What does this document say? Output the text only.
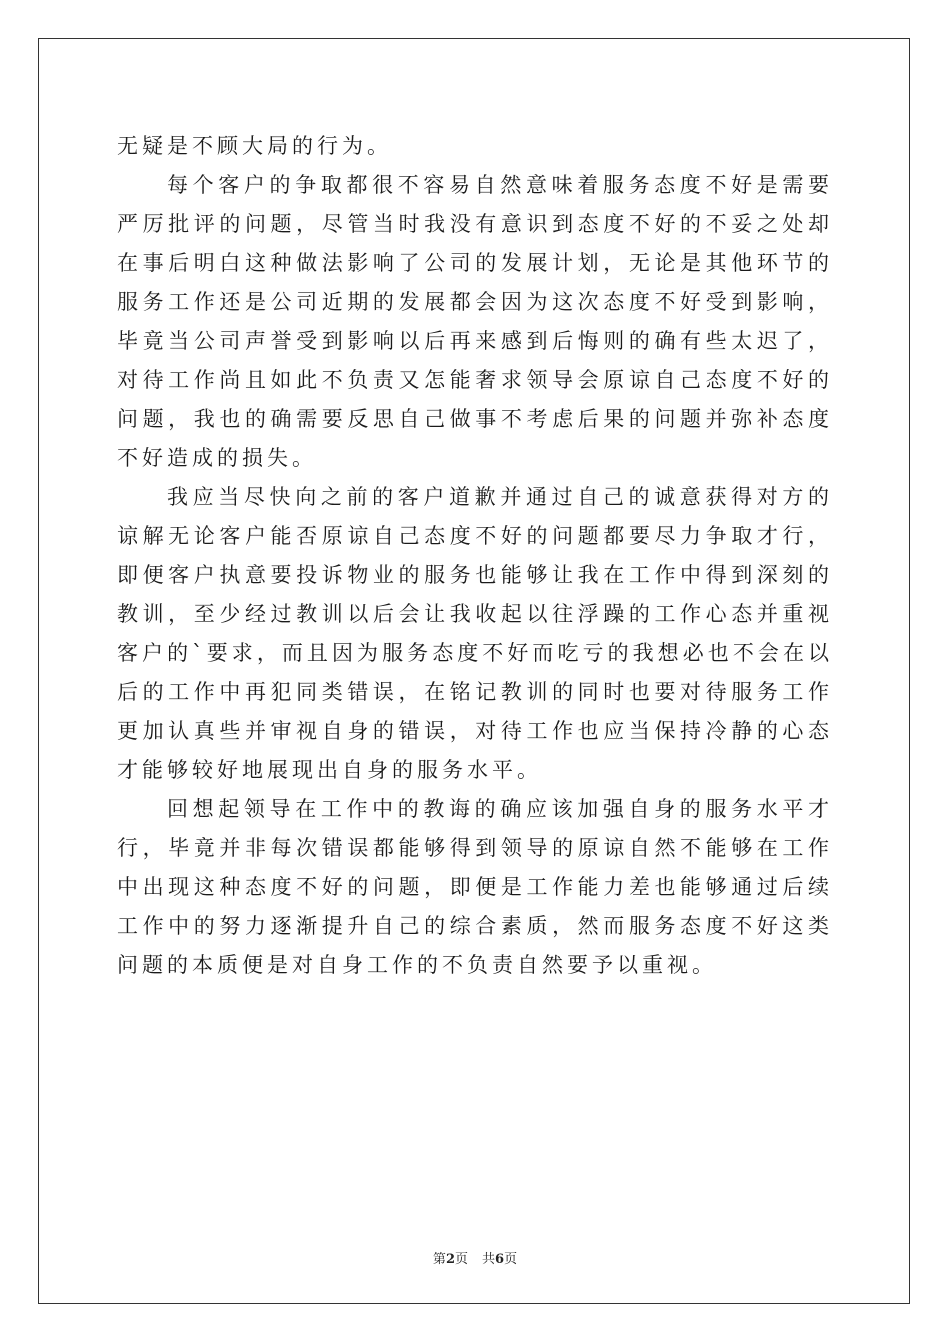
无疑是不顾大局的行为。

每个客户的争取都很不容易自然意味着服务态度不好是需要严厉批评的问题，尽管当时我没有意识到态度不好的不妥之处却在事后明白这种做法影响了公司的发展计划，无论是其他环节的服务工作还是公司近期的发展都会因为这次态度不好受到影响，毕竟当公司声誉受到影响以后再来感到后悔则的确有些太迟了，对待工作尚且如此不负责又怎能奢求领导会原谅自己态度不好的问题，我也的确需要反思自己做事不考虑后果的问题并弥补态度不好造成的损失。

我应当尽快向之前的客户道歉并通过自己的诚意获得对方的谅解无论客户能否原谅自己态度不好的问题都要尽力争取才行，即便客户执意要投诉物业的服务也能够让我在工作中得到深刻的教训，至少经过教训以后会让我收起以往浮躁的工作心态并重视客户的`要求，而且因为服务态度不好而吃亏的我想必也不会在以后的工作中再犯同类错误，在铭记教训的同时也要对待服务工作更加认真些并审视自身的错误，对待工作也应当保持冷静的心态才能够较好地展现出自身的服务水平。

回想起领导在工作中的教诲的确应该加强自身的服务水平才行，毕竟并非每次错误都能够得到领导的原谅自然不能够在工作中出现这种态度不好的问题，即便是工作能力差也能够通过后续工作中的努力逐渐提升自己的综合素质，然而服务态度不好这类问题的本质便是对自身工作的不负责自然要予以重视。

第2页 共6页
